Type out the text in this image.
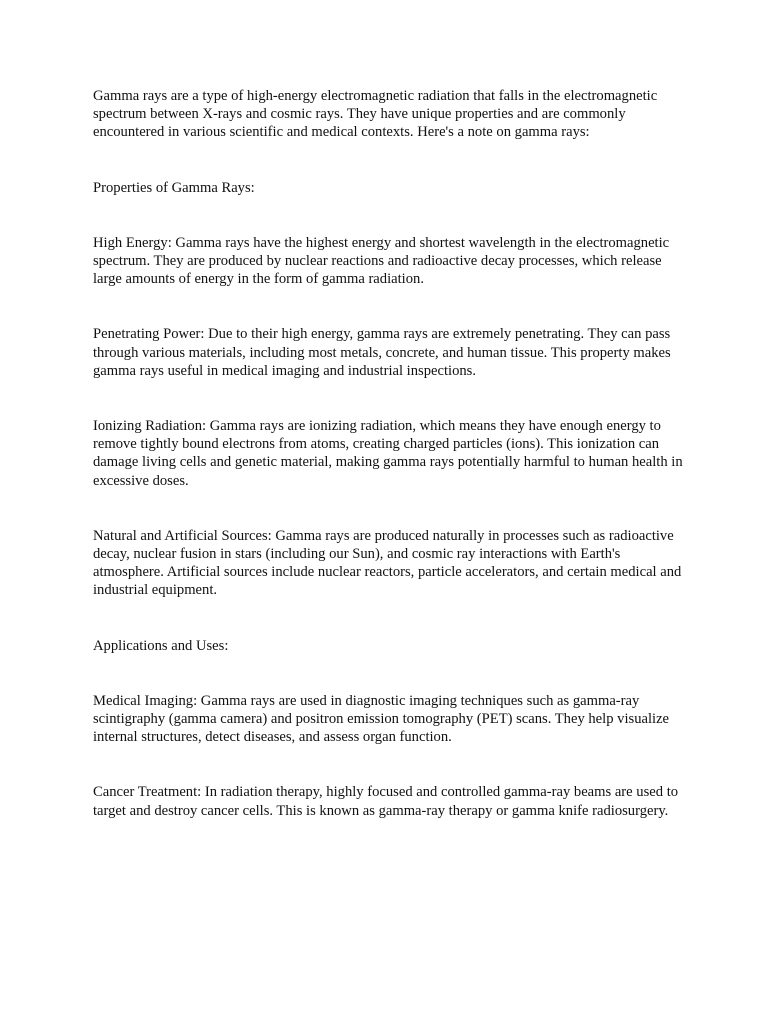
Gamma rays are a type of high-energy electromagnetic radiation that falls in the electromagnetic spectrum between X-rays and cosmic rays. They have unique properties and are commonly encountered in various scientific and medical contexts. Here's a note on gamma rays:

Properties of Gamma Rays:

High Energy: Gamma rays have the highest energy and shortest wavelength in the electromagnetic spectrum. They are produced by nuclear reactions and radioactive decay processes, which release large amounts of energy in the form of gamma radiation.

Penetrating Power: Due to their high energy, gamma rays are extremely penetrating. They can pass through various materials, including most metals, concrete, and human tissue. This property makes gamma rays useful in medical imaging and industrial inspections.

Ionizing Radiation: Gamma rays are ionizing radiation, which means they have enough energy to remove tightly bound electrons from atoms, creating charged particles (ions). This ionization can damage living cells and genetic material, making gamma rays potentially harmful to human health in excessive doses.

Natural and Artificial Sources: Gamma rays are produced naturally in processes such as radioactive decay, nuclear fusion in stars (including our Sun), and cosmic ray interactions with Earth's atmosphere. Artificial sources include nuclear reactors, particle accelerators, and certain medical and industrial equipment.

Applications and Uses:

Medical Imaging: Gamma rays are used in diagnostic imaging techniques such as gamma-ray scintigraphy (gamma camera) and positron emission tomography (PET) scans. They help visualize internal structures, detect diseases, and assess organ function.

Cancer Treatment: In radiation therapy, highly focused and controlled gamma-ray beams are used to target and destroy cancer cells. This is known as gamma-ray therapy or gamma knife radiosurgery.
